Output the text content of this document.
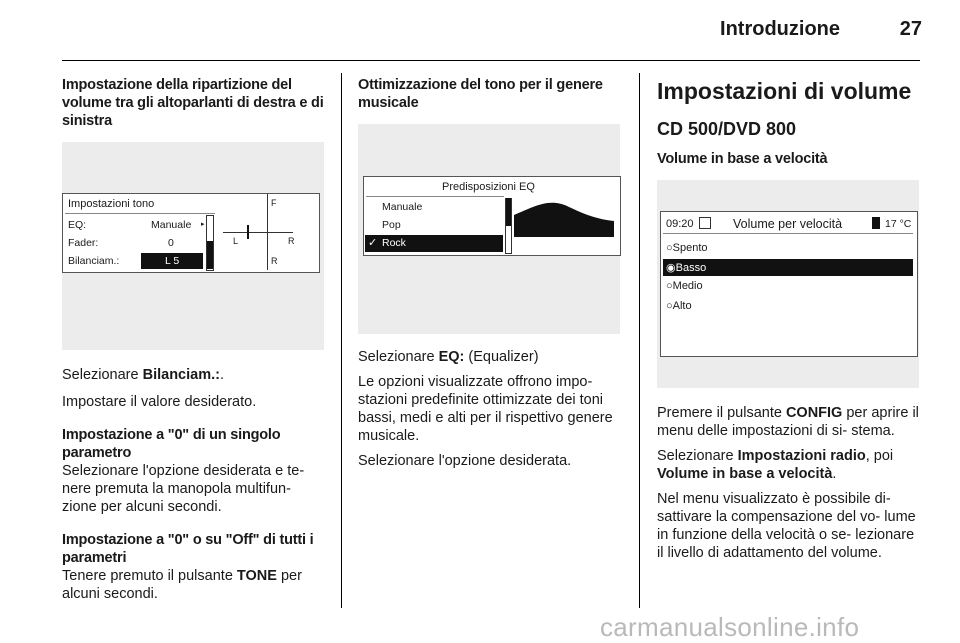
Introduzione	27

Impostazione della ripartizione del volume tra gli altoparlanti di destra e di sinistra

Impostazioni tono
EQ:	Manuale ▸
Fader:	0
Bilanciam.:	L 5
F
L	R
R

Selezionare Bilanciam.:.

Impostare il valore desiderato.

Impostazione a "0" di un singolo parametro

Selezionare l'opzione desiderata e te- nere premuta la manopola multifun- zione per alcuni secondi.

Impostazione a "0" o su "Off" di tutti i parametri

Tenere premuto il pulsante TONE per alcuni secondi.

Ottimizzazione del tono per il genere musicale

Predisposizioni EQ
Manuale
Pop
✓ Rock

Selezionare EQ: (Equalizer)

Le opzioni visualizzate offrono impo- stazioni predefinite ottimizzate dei toni bassi, medi e alti per il rispettivo genere musicale.

Selezionare l'opzione desiderata.

Impostazioni di volume
CD 500/DVD 800
Volume in base a velocità
09:20	Volume per velocità	17 °C
○Spento
◉Basso
○Medio
○Alto

Premere il pulsante CONFIG per aprire il menu delle impostazioni di si- stema.

Selezionare Impostazioni radio, poi Volume in base a velocità.

Nel menu visualizzato è possibile di- sattivare la compensazione del vo- lume in funzione della velocità o se- lezionare il livello di adattamento del volume.

carmanualsonline.info
